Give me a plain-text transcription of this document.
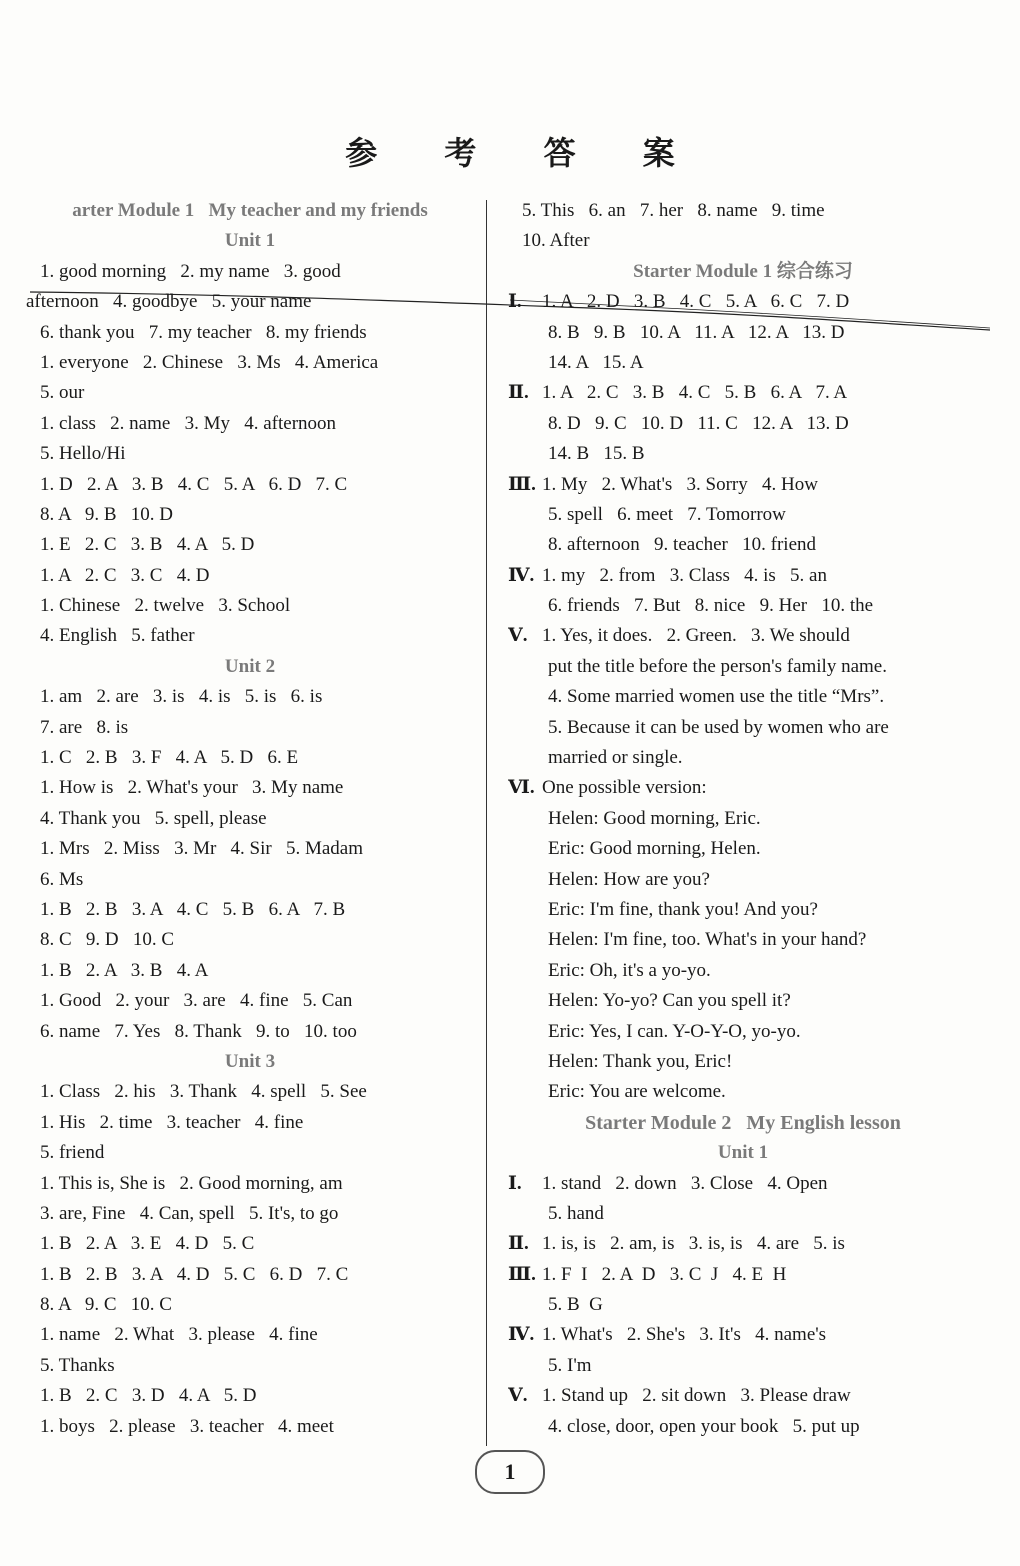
参 考 答 案
arter Module 1   My teacher and my friends
Unit 1
1. good morning   2. my name   3. good
afternoon   4. goodbye   5. your name
6. thank you   7. my teacher   8. my friends
1. everyone   2. Chinese   3. Ms   4. America
5. our
1. class   2. name   3. My   4. afternoon
5. Hello/Hi
1. D   2. A   3. B   4. C   5. A   6. D   7. C
8. A   9. B   10. D
1. E   2. C   3. B   4. A   5. D
1. A   2. C   3. C   4. D
1. Chinese   2. twelve   3. School
4. English   5. father
Unit 2
1. am   2. are   3. is   4. is   5. is   6. is
7. are   8. is
1. C   2. B   3. F   4. A   5. D   6. E
1. How is   2. What's your   3. My name
4. Thank you   5. spell, please
1. Mrs   2. Miss   3. Mr   4. Sir   5. Madam
6. Ms
1. B   2. B   3. A   4. C   5. B   6. A   7. B
8. C   9. D   10. C
1. B   2. A   3. B   4. A
1. Good   2. your   3. are   4. fine   5. Can
6. name   7. Yes   8. Thank   9. to   10. too
Unit 3
1. Class   2. his   3. Thank   4. spell   5. See
1. His   2. time   3. teacher   4. fine
5. friend
1. This is, She is   2. Good morning, am
3. are, Fine   4. Can, spell   5. It's, to go
1. B   2. A   3. E   4. D   5. C
1. B   2. B   3. A   4. D   5. C   6. D   7. C
8. A   9. C   10. C
1. name   2. What   3. please   4. fine
5. Thanks
1. B   2. C   3. D   4. A   5. D
1. boys   2. please   3. teacher   4. meet
5. This   6. an   7. her   8. name   9. time
10. After
Starter Module 1 综合练习
Ⅰ. 1. A   2. D   3. B   4. C   5. A   6. C   7. D
8. B   9. B   10. A   11. A   12. A   13. D
14. A   15. A
Ⅱ. 1. A   2. C   3. B   4. C   5. B   6. A   7. A
8. D   9. C   10. D   11. C   12. A   13. D
14. B   15. B
Ⅲ. 1. My   2. What's   3. Sorry   4. How
5. spell   6. meet   7. Tomorrow
8. afternoon   9. teacher   10. friend
Ⅳ. 1. my   2. from   3. Class   4. is   5. an
6. friends   7. But   8. nice   9. Her   10. the
Ⅴ. 1. Yes, it does.   2. Green.   3. We should
put the title before the person's family name.
4. Some married women use the title “Mrs”.
5. Because it can be used by women who are
married or single.
Ⅵ. One possible version:
Helen: Good morning, Eric.
Eric: Good morning, Helen.
Helen: How are you?
Eric: I'm fine, thank you! And you?
Helen: I'm fine, too. What's in your hand?
Eric: Oh, it's a yo-yo.
Helen: Yo-yo? Can you spell it?
Eric: Yes, I can. Y-O-Y-O, yo-yo.
Helen: Thank you, Eric!
Eric: You are welcome.
Starter Module 2   My English lesson
Unit 1
Ⅰ. 1. stand   2. down   3. Close   4. Open
5. hand
Ⅱ. 1. is, is   2. am, is   3. is, is   4. are   5. is
Ⅲ. 1. F  I   2. A  D   3. C  J   4. E  H
5. B  G
Ⅳ. 1. What's   2. She's   3. It's   4. name's
5. I'm
Ⅴ. 1. Stand up   2. sit down   3. Please draw
4. close, door, open your book   5. put up
1
